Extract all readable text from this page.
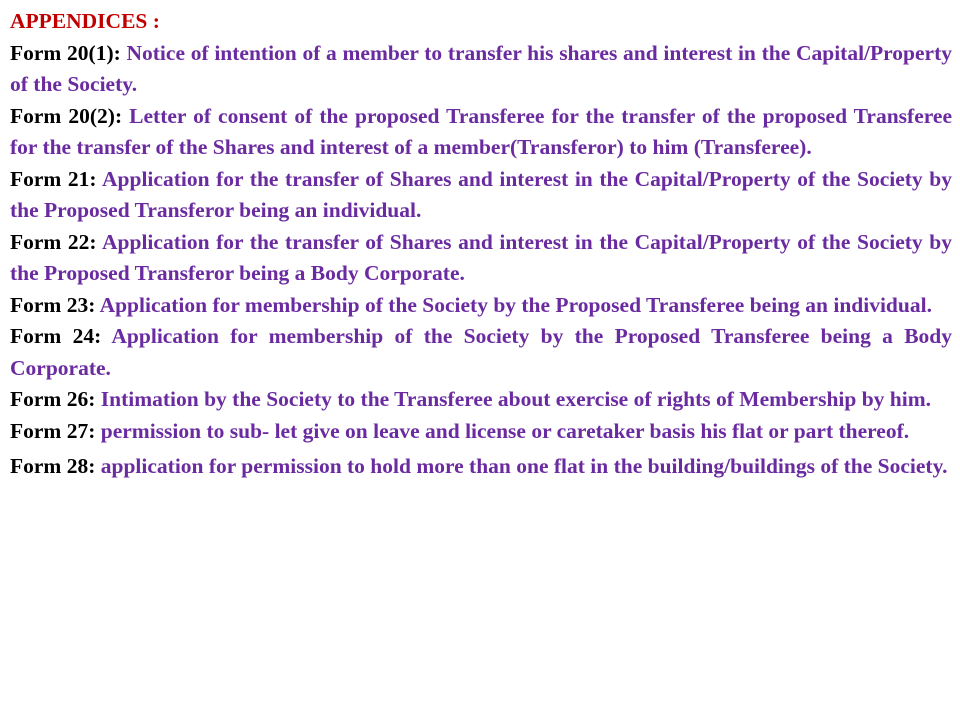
APPENDICES :

Form 20(1): Notice of intention of a member to transfer his shares and interest in the Capital/Property of the Society.

Form 20(2): Letter of consent of the proposed Transferee for the transfer of the proposed Transferee for the transfer of the Shares and interest of a member(Transferor) to him (Transferee).

Form 21: Application for the transfer of Shares and interest in the Capital/Property of the Society by the Proposed Transferor being an individual.

Form 22: Application for the transfer of Shares and interest in the Capital/Property of the Society by the Proposed Transferor being a Body Corporate.

Form 23: Application for membership of the Society by the Proposed Transferee being an individual.

Form 24: Application for membership of the Society by the Proposed Transferee being a Body Corporate.

Form 26: Intimation by the Society to the Transferee about exercise of rights of Membership by him.

Form 27: permission to sub- let give on leave and license or caretaker basis his flat or part thereof.

Form 28: application for permission to hold more than one flat in the building/buildings of the Society.
